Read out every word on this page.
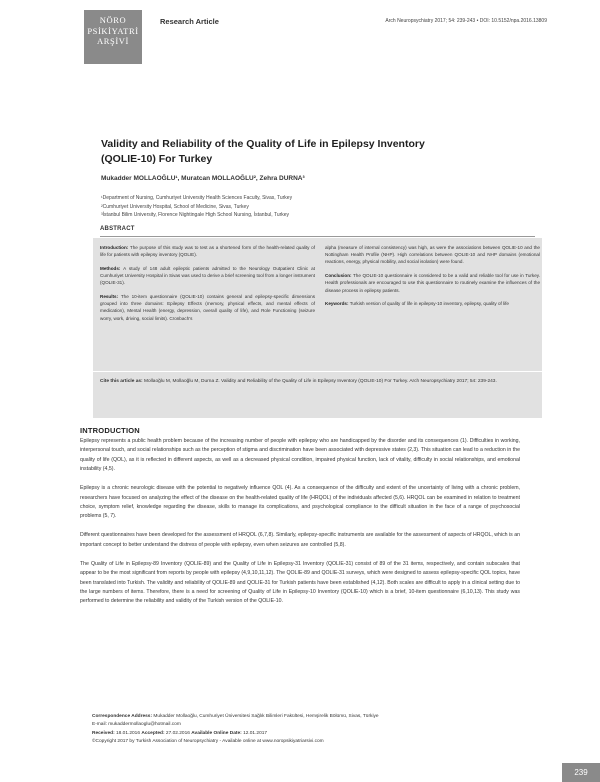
NÖRO
PSİKİYATRİ
ARŞİVİ
Research Article	Arch Neuropsychiatry 2017; 54: 239-243 • DOI: 10.5152/npa.2016.13809
Validity and Reliability of the Quality of Life in Epilepsy Inventory (QOLIE-10) For Turkey
Mukadder MOLLAOĞLU¹, Muratcan MOLLAOĞLU², Zehra DURNA³
¹Department of Nursing, Cumhuriyet University Health Sciences Faculty, Sivas, Turkey
²Cumhuriyet University Hospital, School of Medicine, Sivas, Turkey
³İstanbul Bilim University, Florence Nightingale High School Nursing, İstanbul, Turkey
ABSTRACT

Introduction: The purpose of this study was to test as a shortened form of the health-related quality of life for patients with epilepsy inventory (QOLIE).

Methods: A study of 148 adult epileptic patients admitted to the Neurology Outpatient Clinic at Cumhuriyet University Hospital in Sivas was used to derive a brief screening tool from a longer instrument (QOLIE-31).

Results: The 10-item questionnaire (QOLIE-10) contains general and epilepsy-specific dimensions grouped into three domains: Epilepsy Effects (memory, physical effects, and mental effects of medication), Mental Health (energy, depression, overall quality of life), and Role Functioning (seizure worry, work, driving, social limits). Cronbach's

alpha (measure of internal consistency) was high, as were the associations between QOLIE-10 and the Nottingham Health Profile (NHP). High correlations between QOLIE-10 and NHP domains (emotional reactions, energy, physical mobility, and social isolation) were found.

Conclusion: The QOLIE-10 questionnaire is considered to be a valid and reliable tool for use in Turkey. Health professionals are encouraged to use this questionnaire to routinely examine the influences of the disease process in epilepsy patients.

Keywords: Turkish version of quality of life in epilepsy-10 inventory, epilepsy, quality of life

Cite this article as: Mollaoğlu M, Mollaoğlu M, Durna Z. Validity and Reliability of the Quality of Life in Epilepsy Inventory (QOLIE-10) For Turkey. Arch Neuropsychiatry 2017; 54: 239-243.
INTRODUCTION

Epilepsy represents a public health problem because of the increasing number of people with epilepsy who are handicapped by the disorder and its consequences (1). Difficulties in working, interpersonal touch, and social relationships such as the perception of stigma and discrimination have been associated with depressive states (2,3). This situation can lead to a reduction in the quality of life (QOL), as it is reflected in different aspects, as well as a decreased physical condition, impaired physical function, lack of vitality, difficulty in social relationships, and emotional instability (4,5).

Epilepsy is a chronic neurologic disease with the potential to negatively influence QOL (4). As a consequence of the difficulty and extent of the uncertainty of living with a chronic problem, researchers have focused on analyzing the effect of the disease on the health-related quality of life (HRQOL) of the individuals affected (5,6). HRQOL can be examined in relation to treatment choice, symptom relief, knowledge regarding the disease, skills to manage its complications, and psychological compliance to the difficult situation in the face of a range of psychosocial problems (5, 7).

Different questionnaires have been developed for the assessment of HRQOL (6,7,8). Similarly, epilepsy-specific instruments are available for the assessment of aspects of HRQOL, which is an important concept to better understand the distress of people with epilepsy, even when seizures are controlled (5,8).

The Quality of Life in Epilepsy-89 Inventory (QOLIE-89) and the Quality of Life in Epilepsy-31 Inventory (QOLIE-31) consist of 89 of the 31 items, respectively, and contain subscales that appear to be the most significant from reports by people with epilepsy (4,9,10,11,12). The QOLIE-89 and QOLIE-31 surveys, which were designed to assess epilepsy-specific QOL topics, have been translated into Turkish. The validity and reliability of QOLIE-89 and QOLIE-31 for Turkish patients have been established (4,12). Both scales are difficult to apply in a clinical setting due to the large numbers of items. Therefore, there is a need for screening of Quality of Life in Epilepsy-10 Inventory (QOLIE-10) which is a brief, 10-item questionnaire (6,10,13). This study was performed to determine the reliability and validity of the Turkish version of the QOLIE-10.

Correspondence Address: Mukadder Mollaoğlu, Cumhuriyet Üniversitesi Sağlık Bilimleri Fakültesi, Hemşirelik Bölümü, Sivas, Türkiye
E-mail: mukaddermollaoglu@hotmail.com
Received: 18.01.2016 Accepted: 27.02.2016 Available Online Date: 12.01.2017
©Copyright 2017 by Turkish Association of Neuropsychiatry - Available online at www.noropsikiyatriarsivi.com
239
